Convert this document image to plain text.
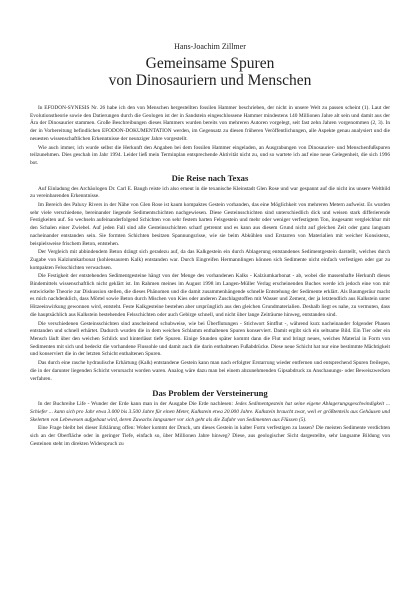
Hans-Joachim Zillmer
Gemeinsame Spuren
von Dinosauriern und Menschen

In EFODON-SYNESIS Nr. 26 habe ich den von Menschen hergestellten fossilen Hammer beschrieben, der nicht in unsere Welt zu passen scheint (1). Laut der Evolutionstheorie sowie den Datierungen durch die Geologen ist der in Sandstein eingeschlossene Hammer mindestens 140 Millionen Jahre alt sein und damit aus der Ära der Dinosaurier stammen. Große Beschreibungen dieses Hammers wurden bereits von mehreren Autoren vorgelegt, seit fast zehn Jahren vorgenommen (2, 3). In der in Vorbereitung befindlichen EFODON-DOKUMENTATION werden, im Gegensatz zu diesen früheren Veröffentlichungen, alle Aspekte genau analysiert und die neuesten wissenschaftlichen Erkenntnisse der neunziger Jahre vorgestellt.

Wie auch immer, ich wurde selbst die Herkunft den Angaben bei dem fossilen Hammer eingeladen, an Ausgrabungen von Dinosaurier- und Menschenfußspuren teilzunehmen. Dies geschah im Jahr 1994. Leider ließ mein Terminplan entsprechende Aktivität nicht zu, und so wartete ich auf eine neue Gelegenheit, die sich 1996 bot.

Die Reise nach Texas

Auf Einladung des Archäologen Dr. Carl E. Baugh reiste ich also erneut in die texanische Kleinstadt Glen Rose und war gespannt auf die nicht ins unsere Weltbild zu vereinbarenden Erkenntnisse.

Im Bereich des Paluxy Rivers in der Nähe von Glen Rose ist kaum kompaktes Gestein vorhanden, das eine Möglichkeit von mehreren Metern aufweist. Es wurden sehr viele verschiedene, bereinander liegende Sedimentschichten nachgewiesen. Diese Gesteinsschichten sind unterschiedlich dick und weisen stark differierende Festigkeiten auf. So wechseln aufeinanderfolgend Schichten von sehr festem harten Felsgestein und mehr oder weniger verfestigtem Ton, insgesamt vergleichbar mit den Schalen einer Zwiebel. Auf jeden Fall sind alle Gesteinsschichten scharf getrennt und es kann aus diesem Grund nicht auf gleichen Zeit oder ganz langsam nacheinander entstanden sein. Sie formten Schichten besitzen Spannungsrisse, wie sie beim Abkühlen und Erstarren von Materialien mit weicher Konsistenz, beispielsweise frischem Beton, entstehen.

Der Vergleich mit abbindendem Beton drängt sich geradezu auf, da das Kalkgestein ein durch Ablagerung entstandenes Sedimentgestein darstellt, welches durch Zugabe von Kalziumkarbonat (kohlensaurem Kalk) entstanden war. Durch Eingreifen Hermannlingen können sich Sedimente nicht einfach verfestigen oder gar zu kompakten Felsschichten verwachsen.

Die Festigkeit der entstehenden Sedimentgesteine hängt von der Menge des vorhandenen Kalks - Kalziumkarbonat - ab, wobei die massenhafte Herkunft dieses Bindemittels wissenschaftlich nicht geklärt ist. Im Rahmen meines im August 1998 im Langen-Müller Verlag erscheinenden Buches werde ich jedoch eine von mir entwickelte Theorie zur Diskussion stellen, die dieses Phänomen und die damit zusammenhängende schnelle Entstehung der Sedimente erklärt. Als Baumgeräur macht es mich nachdenklich, dass Mörtel sowie Beton durch Mischen von Kies oder anderen Zuschlagstoffen mit Wasser und Zement, der ja letztendlich aus Kalkstein unter Hitzeeinwirkung gewonnen wird, entsteht. Feste Kalkgesteine bestehen aber ursprünglich aus den gleichen Grundmaterialien. Deshalb liegt es nahe, zu vermuten, dass die hauptsächlich aus Kalkstein bestehenden Felsschichten oder auch Gebirge schnell, und nicht über lange Zeiträume hinweg, entstanden sind.

Die verschiedenen Gesteinsschichten sind anscheinend schubweise, wie bei Überflutungen - Stichwort Sintflut -, während kurz nacheinander folgender Phasen entstanden und schnell erhärtet. Dadurch wurden die in dem weichen Schlamm enthaltenen Spuren konserviert. Damit ergibt sich ein seltsame Bild. Ein Tier oder ein Mensch läuft über den weichen Schlick und hinterlässt tiefe Spuren. Einige Stunden später kommt dann die Flut und bringt neues, weiches Material in Form von Sedimenten mit sich und bedeckt die vorhandene Flussohle und damit auch die darin enthaltenen Fußabdrücke. Diese neue Schicht hat nur eine bestimmte Mächtigkeit und konserviert die in der letzten Schicht enthaltenen Spuren.

Das durch eine rasche hydraulische Erhärtung (Kalk) entstandene Gestein kann man nach erfolgter Erstarrung wieder entfernen und entsprechend Spuren freilegen, die in der darunter liegenden Schicht verursacht worden waren. Analog wäre dazu man bei einem abzunehmenden Gipsabdruck zu Anschauungs- oder Beweiszwecken verfahren.

Das Problem der Versteinerung

In der Buchreihe Life - Wunder der Erde kann man in der Ausgabe Die Erde nachlesen: Jedes Sedimentgestein hat seine eigene Ablagerungsgeschwindigkeit ... Schiefer ... kann sich pro Jahr etwa 3.000 bis 3.500 Jahre für einen Meter, Kalkstein etwa 20.000 Jahre. Kalkstein braucht zwar, weil er größtenteils aus Gehäusen und Skeletten von Lebewesen aufgebaut wird, deren Zuwachs langsamer vor sich geht als die Zufuhr von Sedimenten aus Flüssen (5).

Eine Frage bleibt bei dieser Erklärung offen: Woher kommt der Druck, um dieses Gestein in kalter Form verfestigen zu lassen? Die meisten Sedimente verdichten sich an der Oberfläche oder in geringer Tiefe, einfach so, über Millionen Jahre hinweg? Diese, aus geologischer Sicht dargestellte, sehr langsame Bildung von Gesteinen steht im direkten Widerspruch zu
